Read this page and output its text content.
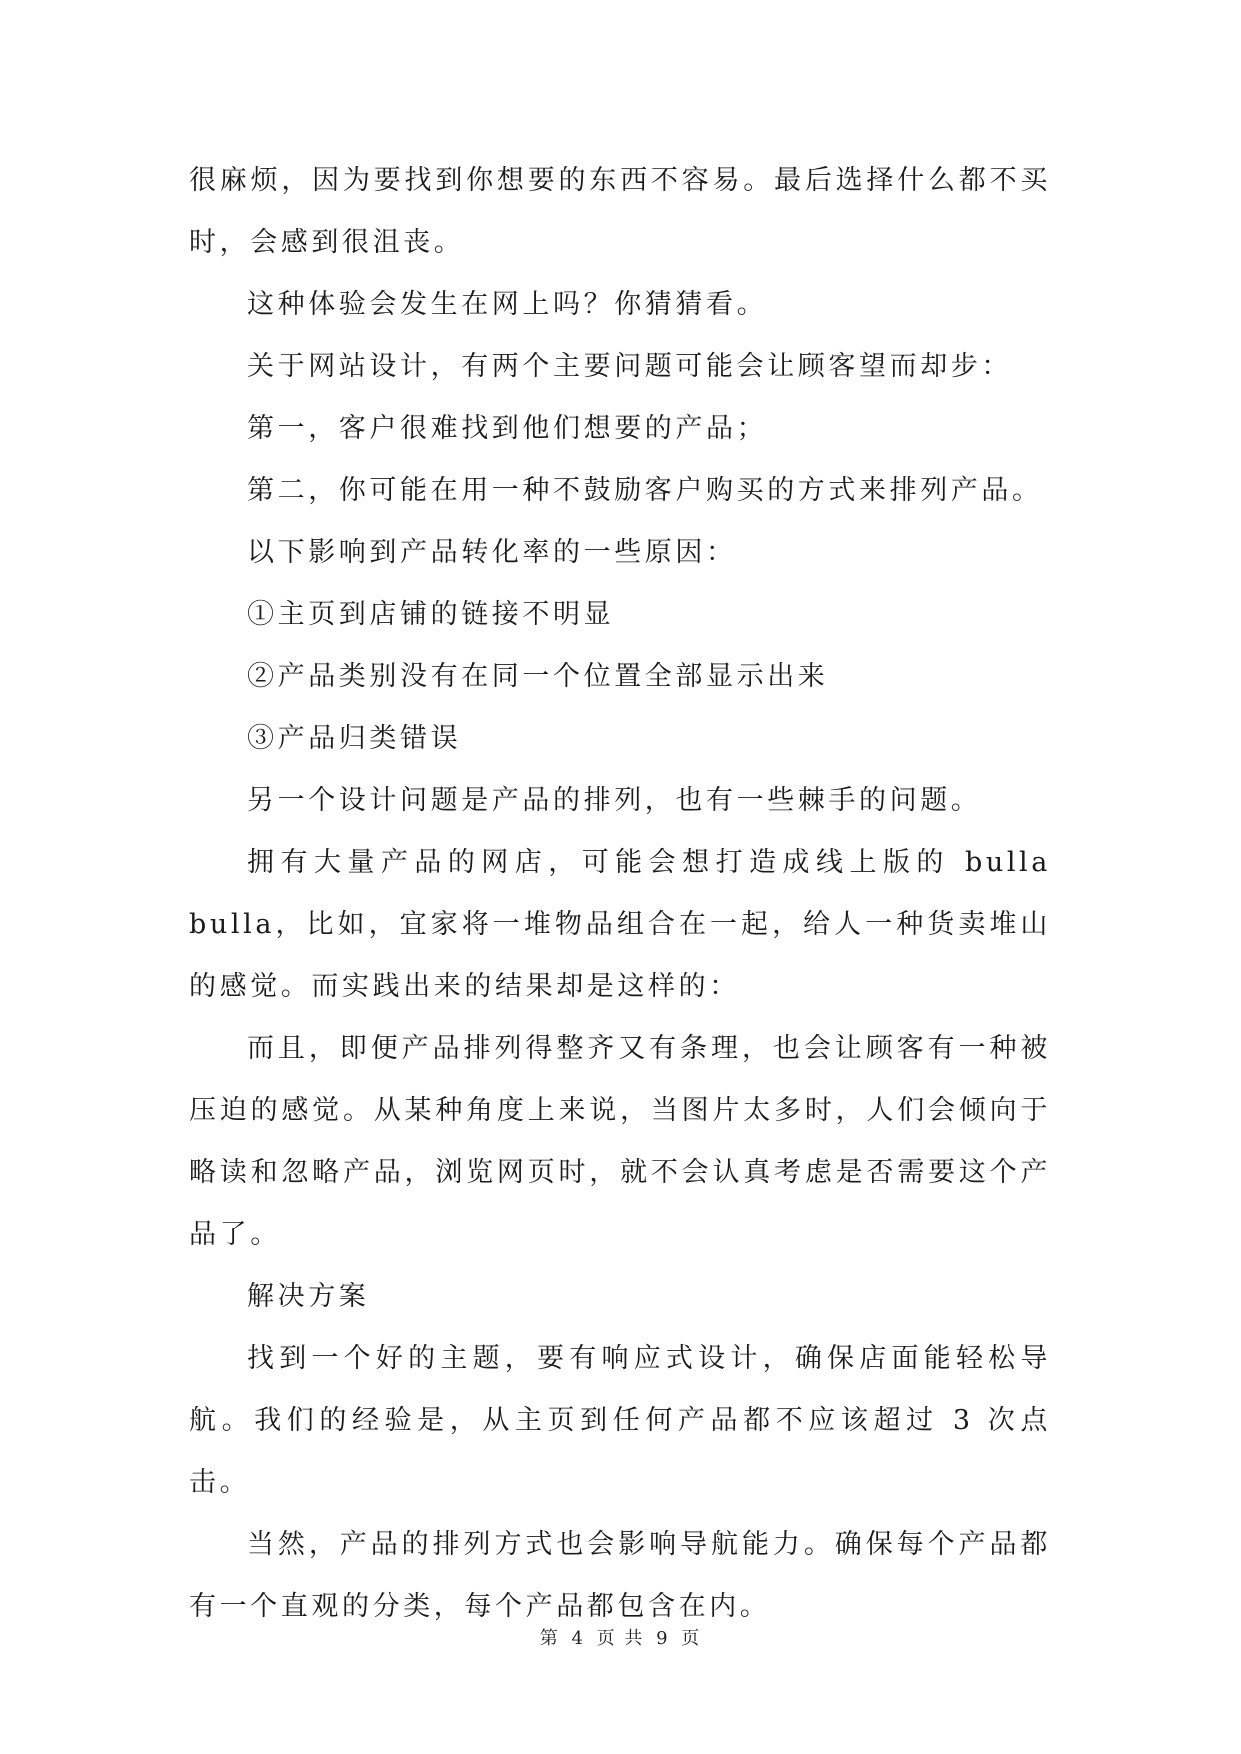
很麻烦，因为要找到你想要的东西不容易。最后选择什么都不买时，会感到很沮丧。

这种体验会发生在网上吗？你猜猜看。

关于网站设计，有两个主要问题可能会让顾客望而却步：

第一，客户很难找到他们想要的产品；

第二，你可能在用一种不鼓励客户购买的方式来排列产品。

以下影响到产品转化率的一些原因：

①主页到店铺的链接不明显

②产品类别没有在同一个位置全部显示出来

③产品归类错误

另一个设计问题是产品的排列，也有一些棘手的问题。

拥有大量产品的网店，可能会想打造成线上版的 bulla bulla，比如，宜家将一堆物品组合在一起，给人一种货卖堆山的感觉。而实践出来的结果却是这样的：

而且，即便产品排列得整齐又有条理，也会让顾客有一种被压迫的感觉。从某种角度上来说，当图片太多时，人们会倾向于略读和忽略产品，浏览网页时，就不会认真考虑是否需要这个产品了。

解决方案

找到一个好的主题，要有响应式设计，确保店面能轻松导航。我们的经验是，从主页到任何产品都不应该超过 3 次点击。

当然，产品的排列方式也会影响导航能力。确保每个产品都有一个直观的分类，每个产品都包含在内。

第 4 页 共 9 页
